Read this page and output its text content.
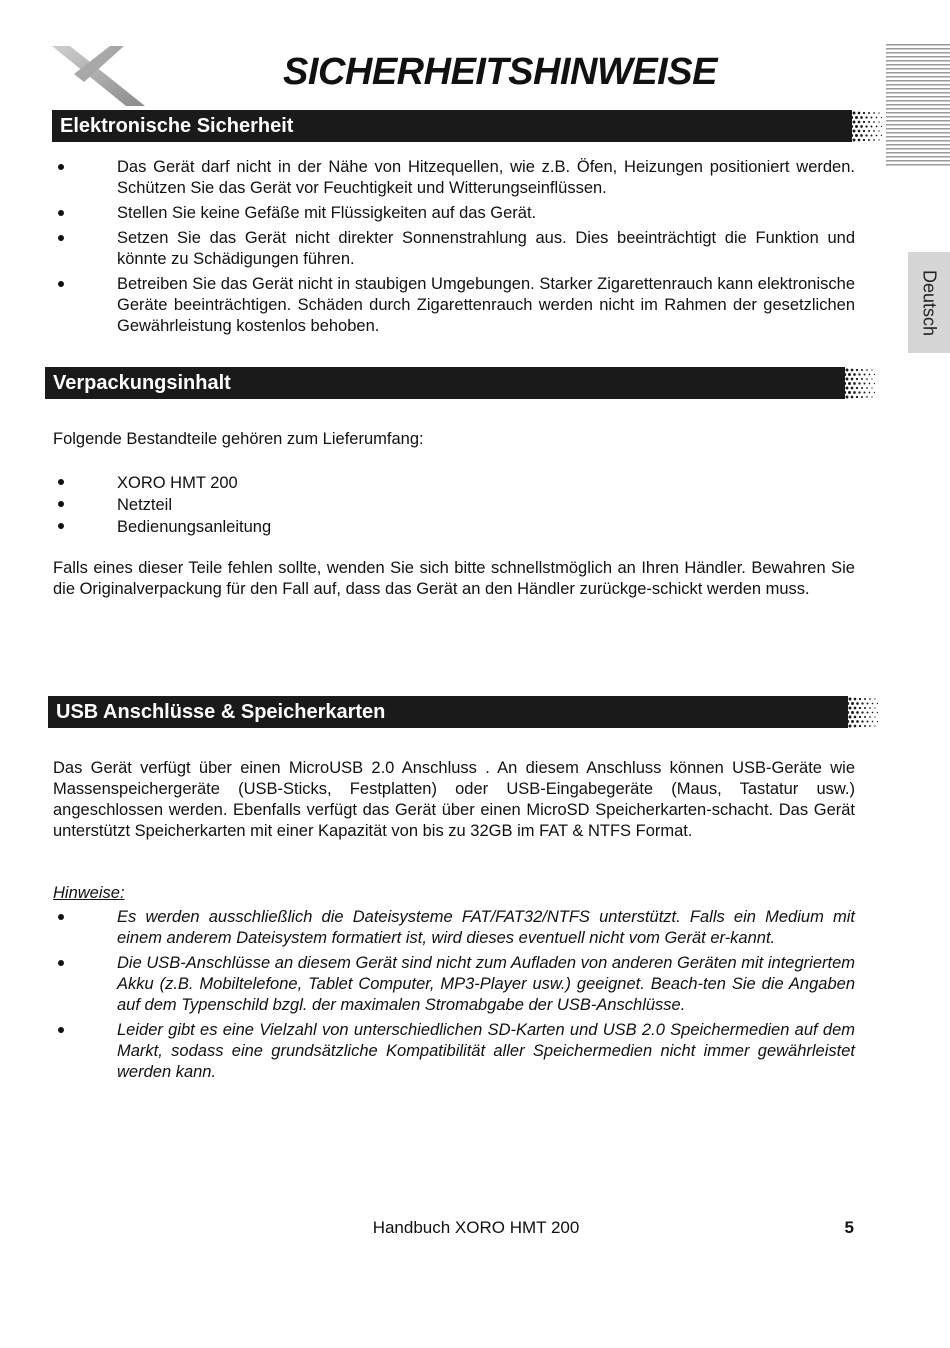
SICHERHEITSHINWEISE
Deutsch
Elektronische Sicherheit
Das Gerät darf nicht in der Nähe von Hitzequellen, wie z.B. Öfen, Heizungen positioniert werden. Schützen Sie das Gerät vor Feuchtigkeit und Witterungseinflüssen.
Stellen Sie keine Gefäße mit Flüssigkeiten auf das Gerät.
Setzen Sie das Gerät nicht direkter Sonnenstrahlung aus. Dies beeinträchtigt die Funktion und könnte zu Schädigungen führen.
Betreiben Sie das Gerät nicht in staubigen Umgebungen. Starker Zigarettenrauch kann elektronische Geräte beeinträchtigen. Schäden durch Zigarettenrauch werden nicht im Rahmen der gesetzlichen Gewährleistung kostenlos behoben.
Verpackungsinhalt
Folgende Bestandteile gehören zum Lieferumfang:
XORO HMT 200
Netzteil
Bedienungsanleitung
Falls eines dieser Teile fehlen sollte, wenden Sie sich bitte schnellstmöglich an Ihren Händler. Bewahren Sie die Originalverpackung für den Fall auf, dass das Gerät an den Händler zurückge-schickt werden muss.
USB Anschlüsse & Speicherkarten
Das Gerät verfügt über einen MicroUSB 2.0 Anschluss . An diesem Anschluss können USB-Geräte wie Massenspeichergeräte (USB-Sticks, Festplatten) oder USB-Eingabegeräte (Maus, Tastatur usw.) angeschlossen werden. Ebenfalls verfügt das Gerät über einen MicroSD Speicherkarten-schacht. Das Gerät unterstützt Speicherkarten mit einer Kapazität von bis zu 32GB im FAT & NTFS Format.
Hinweise:
Es werden ausschließlich die Dateisysteme FAT/FAT32/NTFS unterstützt. Falls ein Medium mit einem anderem Dateisystem formatiert ist, wird dieses eventuell nicht vom Gerät er-kannt.
Die USB-Anschlüsse an diesem Gerät sind nicht zum Aufladen von anderen Geräten mit integriertem Akku (z.B. Mobiltelefone, Tablet Computer, MP3-Player usw.) geeignet. Beach-ten Sie die Angaben auf dem Typenschild bzgl. der maximalen Stromabgabe der USB-Anschlüsse.
Leider gibt es eine Vielzahl von unterschiedlichen SD-Karten und USB 2.0 Speichermedien auf dem Markt, sodass eine grundsätzliche Kompatibilität aller Speichermedien nicht immer gewährleistet werden kann.
Handbuch XORO HMT 200	5
